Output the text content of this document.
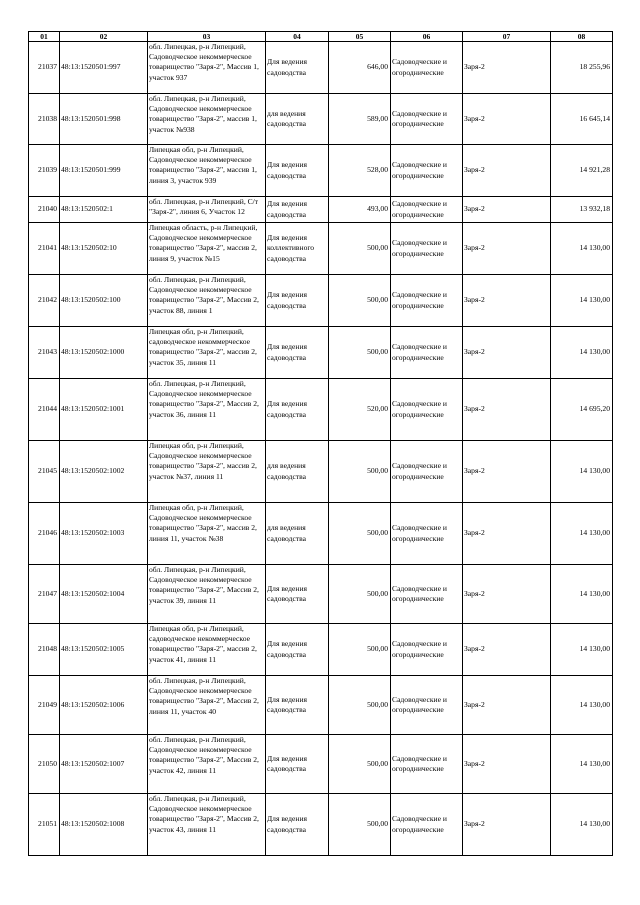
01	02	03	04	05	06	07	08
21037	48:13:1520501:997	обл. Липецкая, р-н Липецкий, Садоводческое некоммерческое товарищество "Заря-2", Массив 1, участок 937	Для ведения садоводства	646,00	Садоводческие и огороднические	Заря-2	18 255,96
21038	48:13:1520501:998	обл. Липецкая, р-н Липецкий, Садоводческое некоммерческое товарищество "Заря-2", массив 1, участок №938	для ведения садоводства	589,00	Садоводческие и огороднические	Заря-2	16 645,14
21039	48:13:1520501:999	Липецкая обл, р-н Липецкий, Садоводческое некоммерческое товарищество "Заря-2", массив 1, линия 3, участок 939	Для ведения садоводства	528,00	Садоводческие и огороднические	Заря-2	14 921,28
21040	48:13:1520502:1	обл. Липецкая, р-н Липецкий, С/т "Заря-2", линия 6, Участок 12	Для ведения садоводства	493,00	Садоводческие и огороднические	Заря-2	13 932,18
21041	48:13:1520502:10	Липецкая область, р-н Липецкий, Садоводческое некоммерческое товарищество "Заря-2", массив 2, линия 9, участок №15	Для ведения коллективного садоводства	500,00	Садоводческие и огороднические	Заря-2	14 130,00
21042	48:13:1520502:100	обл. Липецкая, р-н Липецкий, Садоводческое некоммерческое товарищество "Заря-2", Массив 2, участок 88, линия 1	Для ведения садоводства	500,00	Садоводческие и огороднические	Заря-2	14 130,00
21043	48:13:1520502:1000	Липецкая обл, р-н Липецкий, садоводческое некоммерческое товарищество "Заря-2", массив 2, участок 35, линия 11	Для ведения садоводства	500,00	Садоводческие и огороднические	Заря-2	14 130,00
21044	48:13:1520502:1001	обл. Липецкая, р-н Липецкий, Садоводческое некоммерческое товарищество "Заря-2", Массив 2, участок 36, линия 11	Для ведения садоводства	520,00	Садоводческие и огороднические	Заря-2	14 695,20
21045	48:13:1520502:1002	Липецкая обл, р-н Липецкий, Садоводческое некоммерческое товарищество "Заря-2", массив 2, участок №37, линия 11	для ведения садоводства	500,00	Садоводческие и огороднические	Заря-2	14 130,00
21046	48:13:1520502:1003	Липецкая обл, р-н Липецкий, Садоводческое некоммерческое товарищество "Заря-2", массив 2, линия 11, участок №38	для ведения садоводства	500,00	Садоводческие и огороднические	Заря-2	14 130,00
21047	48:13:1520502:1004	обл. Липецкая, р-н Липецкий, Садоводческое некоммерческое товарищество "Заря-2", Массив 2, участок 39, линия 11	Для ведения садоводства	500,00	Садоводческие и огороднические	Заря-2	14 130,00
21048	48:13:1520502:1005	Липецкая обл, р-н Липецкий, садоводческое некоммерческое товарищество "Заря-2", массив 2, участок 41, линия 11	Для ведения садоводства	500,00	Садоводческие и огороднические	Заря-2	14 130,00
21049	48:13:1520502:1006	обл. Липецкая, р-н Липецкий, Садоводческое некоммерческое товарищество "Заря-2", Массив 2, линия 11, участок 40	Для ведения садоводства	500,00	Садоводческие и огороднические	Заря-2	14 130,00
21050	48:13:1520502:1007	обл. Липецкая, р-н Липецкий, Садоводческое некоммерческое товарищество "Заря-2", Массив 2, участок 42, линия 11	Для ведения садоводства	500,00	Садоводческие и огороднические	Заря-2	14 130,00
21051	48:13:1520502:1008	обл. Липецкая, р-н Липецкий, Садоводческое некоммерческое товарищество "Заря-2", Массив 2, участок 43, линия 11	Для ведения садоводства	500,00	Садоводческие и огороднические	Заря-2	14 130,00
